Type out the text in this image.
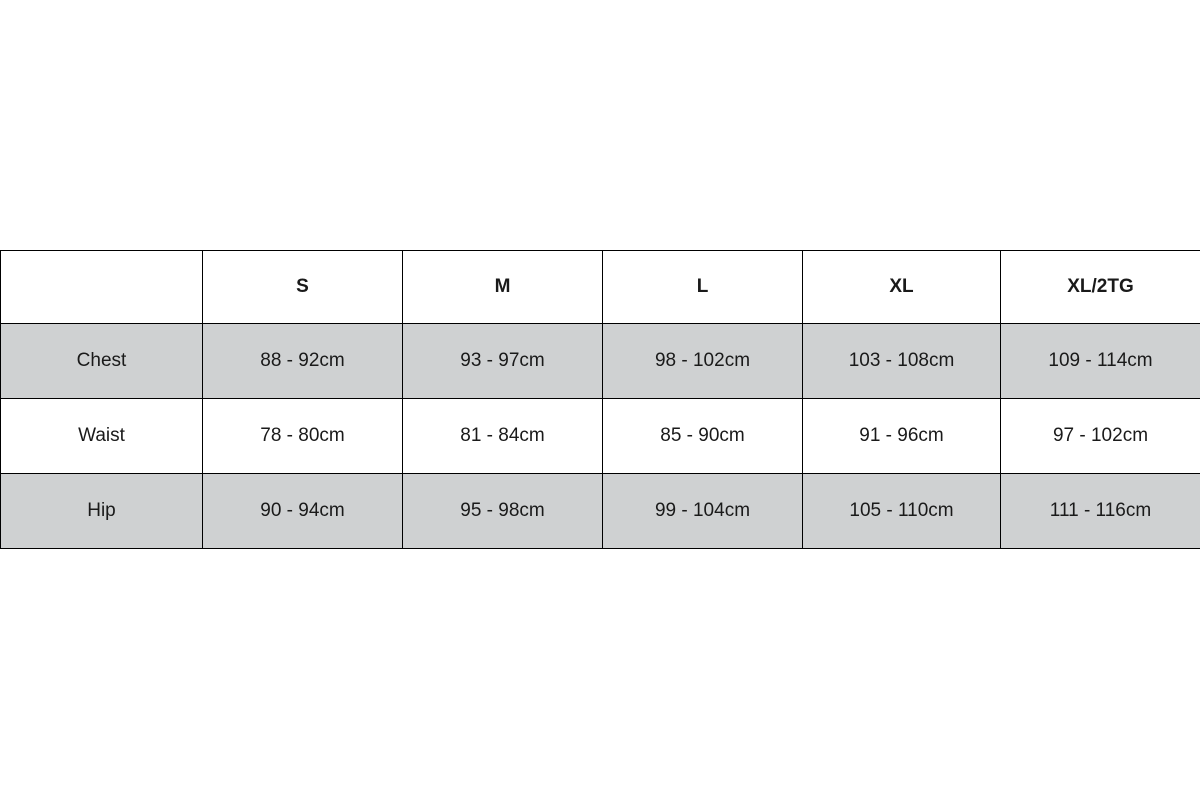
	S	M	L	XL	XL/2TG
Chest	88 - 92cm	93 - 97cm	98 - 102cm	103 - 108cm	109 - 114cm
Waist	78 - 80cm	81 - 84cm	85 - 90cm	91 - 96cm	97 - 102cm
Hip	90 - 94cm	95 - 98cm	99 - 104cm	105 - 110cm	111 - 116cm
